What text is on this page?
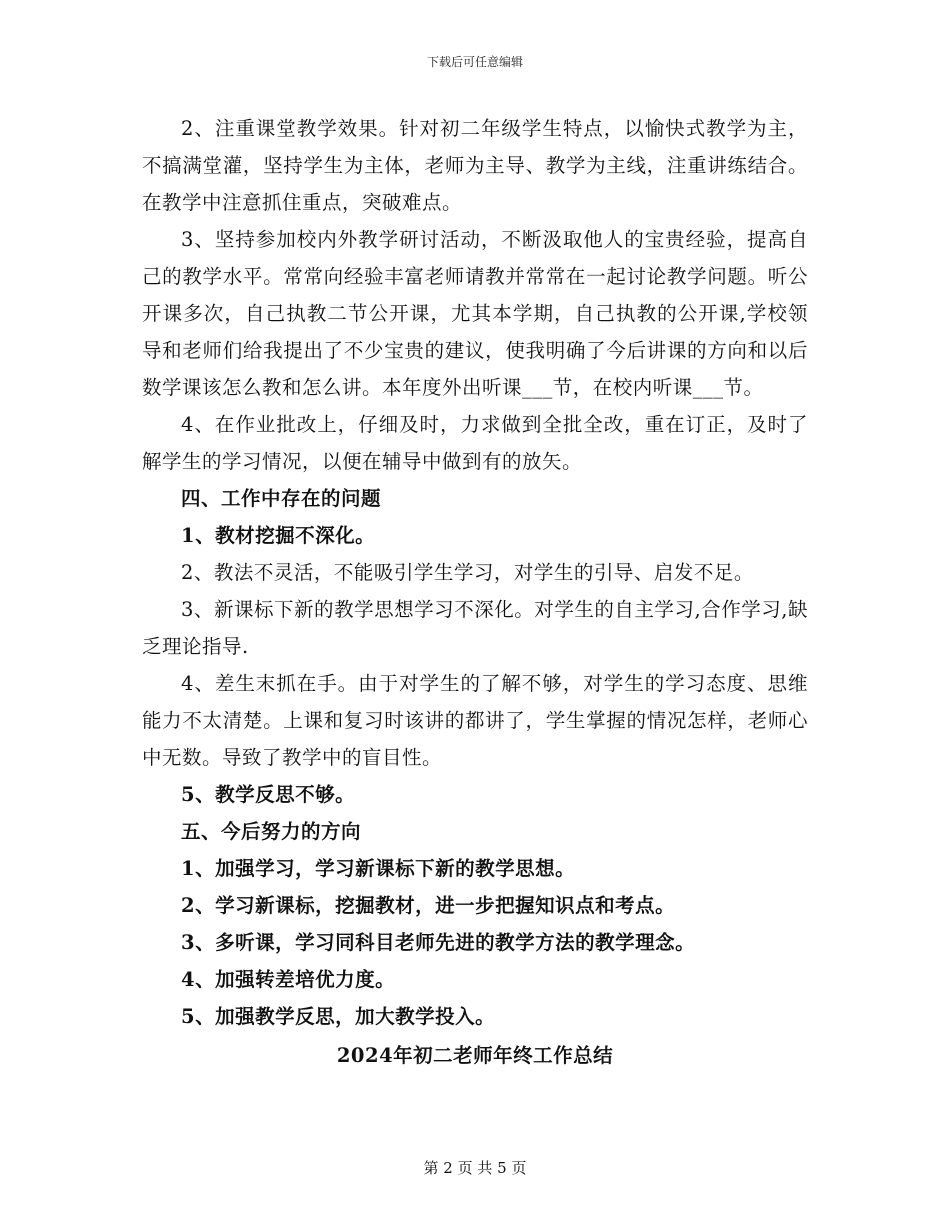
下载后可任意编辑

2、注重课堂教学效果。针对初二年级学生特点，以愉快式教学为主，不搞满堂灌，坚持学生为主体，老师为主导、教学为主线，注重讲练结合。在教学中注意抓住重点，突破难点。

3、坚持参加校内外教学研讨活动，不断汲取他人的宝贵经验，提高自己的教学水平。常常向经验丰富老师请教并常常在一起讨论教学问题。听公开课多次，自己执教二节公开课，尤其本学期，自己执教的公开课,学校领导和老师们给我提出了不少宝贵的建议，使我明确了今后讲课的方向和以后数学课该怎么教和怎么讲。本年度外出听课___节，在校内听课___节。

4、在作业批改上，仔细及时，力求做到全批全改，重在订正，及时了解学生的学习情况，以便在辅导中做到有的放矢。

四、工作中存在的问题

1、教材挖掘不深化。

2、教法不灵活，不能吸引学生学习，对学生的引导、启发不足。

3、新课标下新的教学思想学习不深化。对学生的自主学习,合作学习,缺乏理论指导.

4、差生末抓在手。由于对学生的了解不够，对学生的学习态度、思维能力不太清楚。上课和复习时该讲的都讲了，学生掌握的情况怎样，老师心中无数。导致了教学中的盲目性。

5、教学反思不够。

五、今后努力的方向

1、加强学习，学习新课标下新的教学思想。

2、学习新课标，挖掘教材，进一步把握知识点和考点。

3、多听课，学习同科目老师先进的教学方法的教学理念。

4、加强转差培优力度。

5、加强教学反思，加大教学投入。

2024年初二老师年终工作总结

第 2 页 共 5 页
